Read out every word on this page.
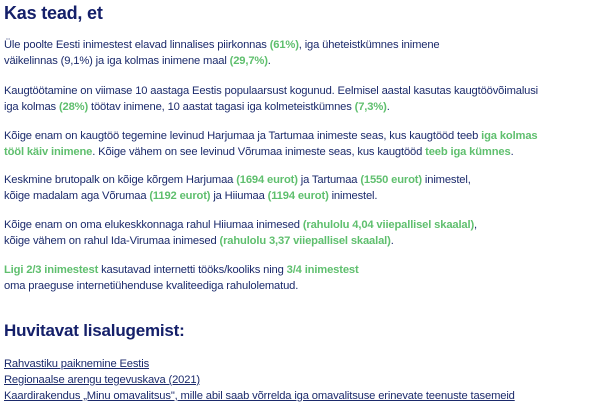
Kas tead, et
Üle poolte Eesti inimestest elavad linnalises piirkonnas (61%), iga üheteistkümnes inimene
väikelinnas (9,1%) ja iga kolmas inimene maal (29,7%).
Kaugtöötamine on viimase 10 aastaga Eestis populaarsust kogunud. Eelmisel aastal kasutas kaugtöövõimalusi
iga kolmas (28%) töötav inimene, 10 aastat tagasi iga kolmeteistkümnes (7,3%).
Kõige enam on kaugtöö tegemine levinud Harjumaa ja Tartumaa inimeste seas, kus kaugtööd teeb iga kolmas
tööl käiv inimene. Kõige vähem on see levinud Võrumaa inimeste seas, kus kaugtööd teeb iga kümnes.
Keskmine brutopalk on kõige kõrgem Harjumaa (1694 eurot) ja Tartumaa (1550 eurot) inimestel,
kõige madalam aga Võrumaa (1192 eurot) ja Hiiumaa (1194 eurot) inimestel.
Kõige enam on oma elukeskkonnaga rahul Hiiumaa inimesed (rahulolu 4,04 viiepallisel skaalal),
kõige vähem on rahul Ida-Virumaa inimesed (rahulolu 3,37 viiepallisel skaalal).
Ligi 2/3 inimestest kasutavad internetti tööks/kooliks ning 3/4 inimestest
oma praeguse internetiühenduse kvaliteediga rahulolematud.
Huvitavat lisalugemist:
Rahvastiku paiknemine Eestis
Regionaalse arengu tegevuskava (2021)
Kaardirakendus „Minu omavalitsus", mille abil saab võrrelda iga omavalitsuse erinevate teenuste tasemeid
